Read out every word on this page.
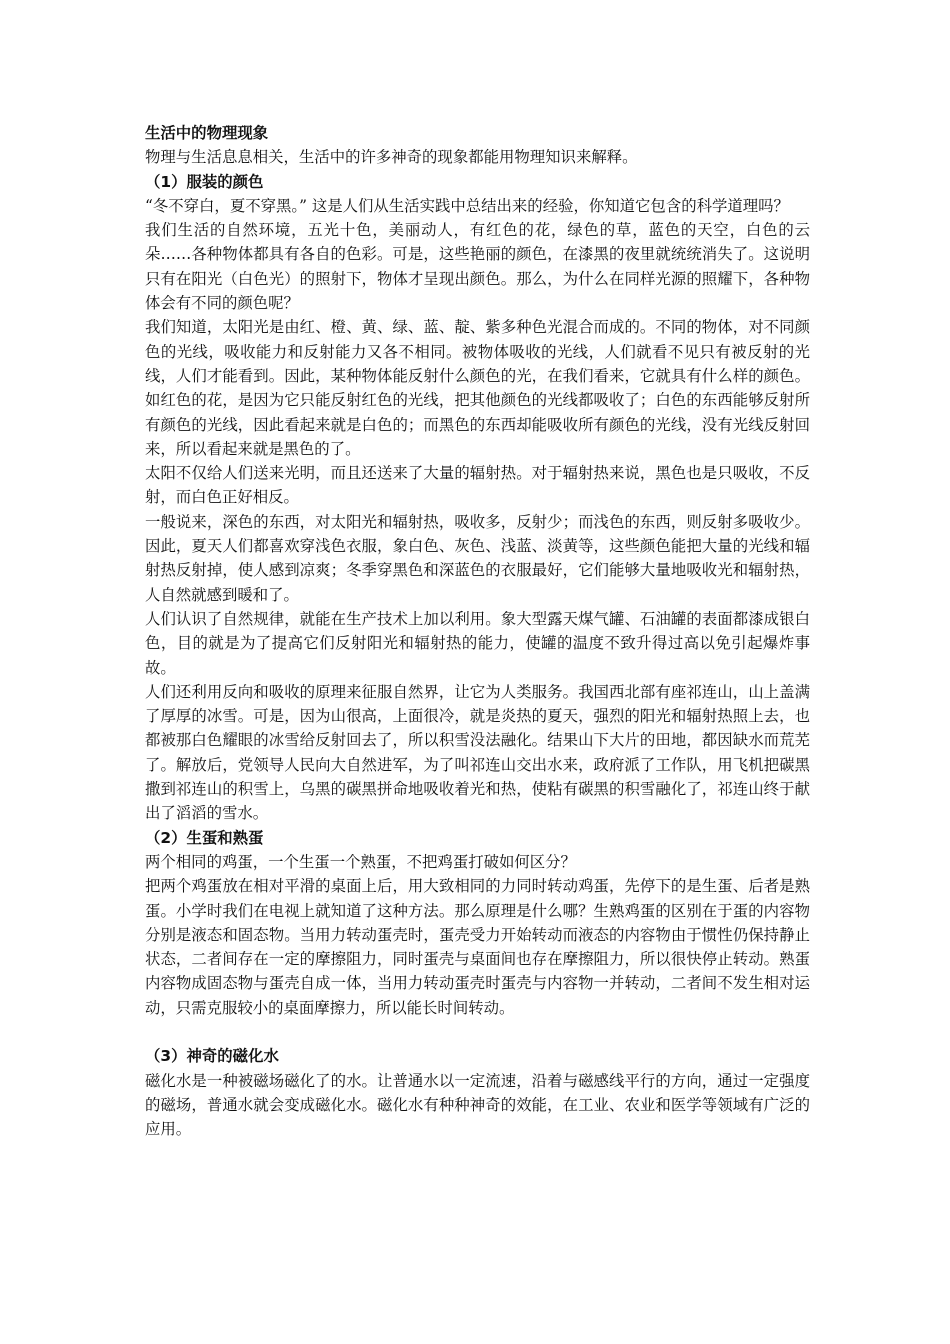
生活中的物理现象

物理与生活息息相关，生活中的许多神奇的现象都能用物理知识来解释。

（1）服装的颜色

“冬不穿白，夏不穿黑。” 这是人们从生活实践中总结出来的经验，你知道它包含的科学道理吗？

我们生活的自然环境，五光十色，美丽动人，有红色的花，绿色的草，蓝色的天空，白色的云朵……各种物体都具有各自的色彩。可是，这些艳丽的颜色，在漆黑的夜里就统统消失了。这说明只有在阳光（白色光）的照射下，物体才呈现出颜色。那么，为什么在同样光源的照耀下，各种物体会有不同的颜色呢？

我们知道，太阳光是由红、橙、黄、绿、蓝、靛、紫多种色光混合而成的。不同的物体，对不同颜色的光线，吸收能力和反射能力又各不相同。被物体吸收的光线，人们就看不见只有被反射的光线，人们才能看到。因此，某种物体能反射什么颜色的光，在我们看来，它就具有什么样的颜色。如红色的花，是因为它只能反射红色的光线，把其他颜色的光线都吸收了；白色的东西能够反射所有颜色的光线，因此看起来就是白色的；而黑色的东西却能吸收所有颜色的光线，没有光线反射回来，所以看起来就是黑色的了。

太阳不仅给人们送来光明，而且还送来了大量的辐射热。对于辐射热来说，黑色也是只吸收，不反射，而白色正好相反。

一般说来，深色的东西，对太阳光和辐射热，吸收多，反射少；而浅色的东西，则反射多吸收少。因此，夏天人们都喜欢穿浅色衣服，象白色、灰色、浅蓝、淡黄等，这些颜色能把大量的光线和辐射热反射掉，使人感到凉爽；冬季穿黑色和深蓝色的衣服最好，它们能够大量地吸收光和辐射热，人自然就感到暖和了。

人们认识了自然规律，就能在生产技术上加以利用。象大型露天煤气罐、石油罐的表面都漆成银白色，目的就是为了提高它们反射阳光和辐射热的能力，使罐的温度不致升得过高以免引起爆炸事故。

人们还利用反向和吸收的原理来征服自然界，让它为人类服务。我国西北部有座祁连山，山上盖满了厚厚的冰雪。可是，因为山很高，上面很冷，就是炎热的夏天，强烈的阳光和辐射热照上去，也都被那白色耀眼的冰雪给反射回去了，所以积雪没法融化。结果山下大片的田地，都因缺水而荒芜了。解放后，党领导人民向大自然进军，为了叫祁连山交出水来，政府派了工作队，用飞机把碳黑撒到祁连山的积雪上，乌黑的碳黑拼命地吸收着光和热，使粘有碳黑的积雪融化了，祁连山终于献出了滔滔的雪水。

（2）生蛋和熟蛋

两个相同的鸡蛋，一个生蛋一个熟蛋，不把鸡蛋打破如何区分？

把两个鸡蛋放在相对平滑的桌面上后，用大致相同的力同时转动鸡蛋，先停下的是生蛋、后者是熟蛋。小学时我们在电视上就知道了这种方法。那么原理是什么哪？生熟鸡蛋的区别在于蛋的内容物分别是液态和固态物。当用力转动蛋壳时，蛋壳受力开始转动而液态的内容物由于惯性仍保持静止状态，二者间存在一定的摩擦阻力，同时蛋壳与桌面间也存在摩擦阻力，所以很快停止转动。熟蛋内容物成固态物与蛋壳自成一体，当用力转动蛋壳时蛋壳与内容物一并转动，二者间不发生相对运动，只需克服较小的桌面摩擦力，所以能长时间转动。

（3）神奇的磁化水

磁化水是一种被磁场磁化了的水。让普通水以一定流速，沿着与磁感线平行的方向，通过一定强度的磁场，普通水就会变成磁化水。磁化水有种种神奇的效能，在工业、农业和医学等领域有广泛的应用。
